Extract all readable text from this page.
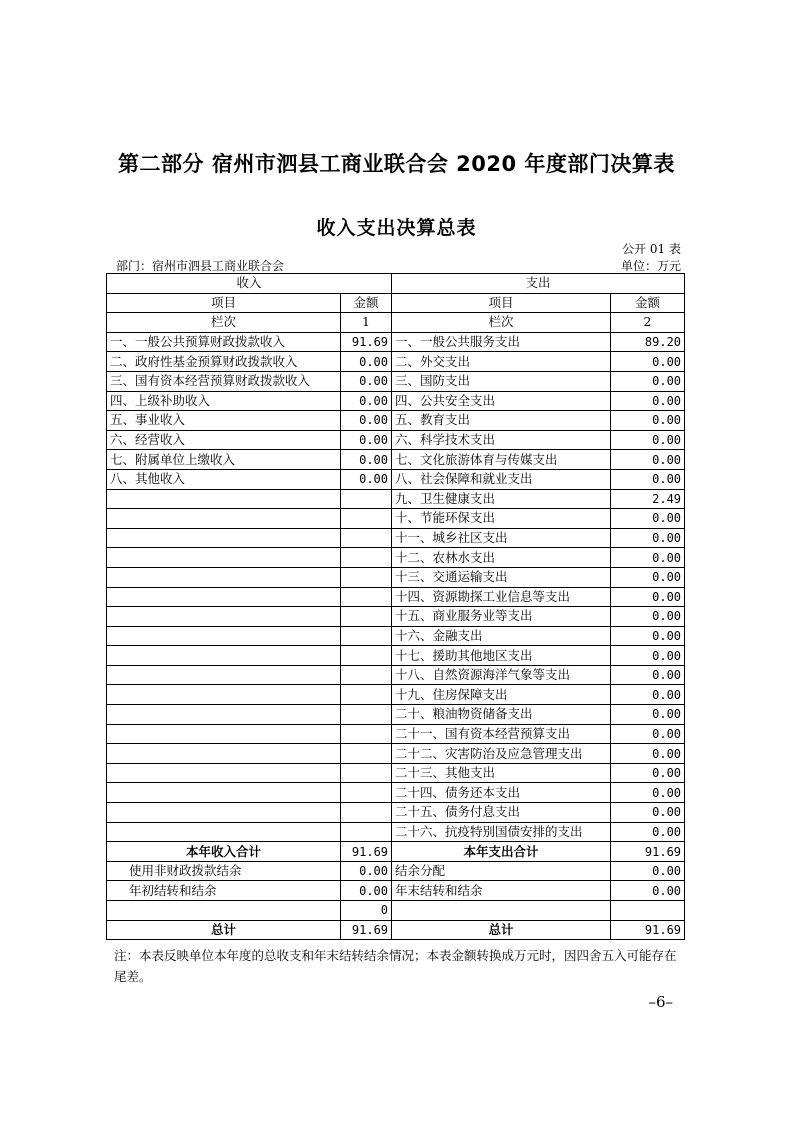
第二部分 宿州市泗县工商业联合会 2020 年度部门决算表
收入支出决算总表
公开 01 表
部门：宿州市泗县工商业联合会	单位：万元
收入		支出	
项目	金额	项目	金额
栏次	1	栏次	2
一、一般公共预算财政拨款收入	91.69	一、一般公共服务支出	89.20
二、政府性基金预算财政拨款收入	0.00	二、外交支出	0.00
三、国有资本经营预算财政拨款收入	0.00	三、国防支出	0.00
四、上级补助收入	0.00	四、公共安全支出	0.00
五、事业收入	0.00	五、教育支出	0.00
六、经营收入	0.00	六、科学技术支出	0.00
七、附属单位上缴收入	0.00	七、文化旅游体育与传媒支出	0.00
八、其他收入	0.00	八、社会保障和就业支出	0.00
		九、卫生健康支出	2.49
		十、节能环保支出	0.00
		十一、城乡社区支出	0.00
		十二、农林水支出	0.00
		十三、交通运输支出	0.00
		十四、资源勘探工业信息等支出	0.00
		十五、商业服务业等支出	0.00
		十六、金融支出	0.00
		十七、援助其他地区支出	0.00
		十八、自然资源海洋气象等支出	0.00
		十九、住房保障支出	0.00
		二十、粮油物资储备支出	0.00
		二十一、国有资本经营预算支出	0.00
		二十二、灾害防治及应急管理支出	0.00
		二十三、其他支出	0.00
		二十四、债务还本支出	0.00
		二十五、债务付息支出	0.00
		二十六、抗疫特别国债安排的支出	0.00
本年收入合计	91.69	本年支出合计	91.69
使用非财政拨款结余	0.00	结余分配	0.00
年初结转和结余	0.00	年末结转和结余	0.00
	0		
总计	91.69	总计	91.69
注：本表反映单位本年度的总收支和年末结转结余情况；本表金额转换成万元时，因四舍五入可能存在尾差。
–6–
